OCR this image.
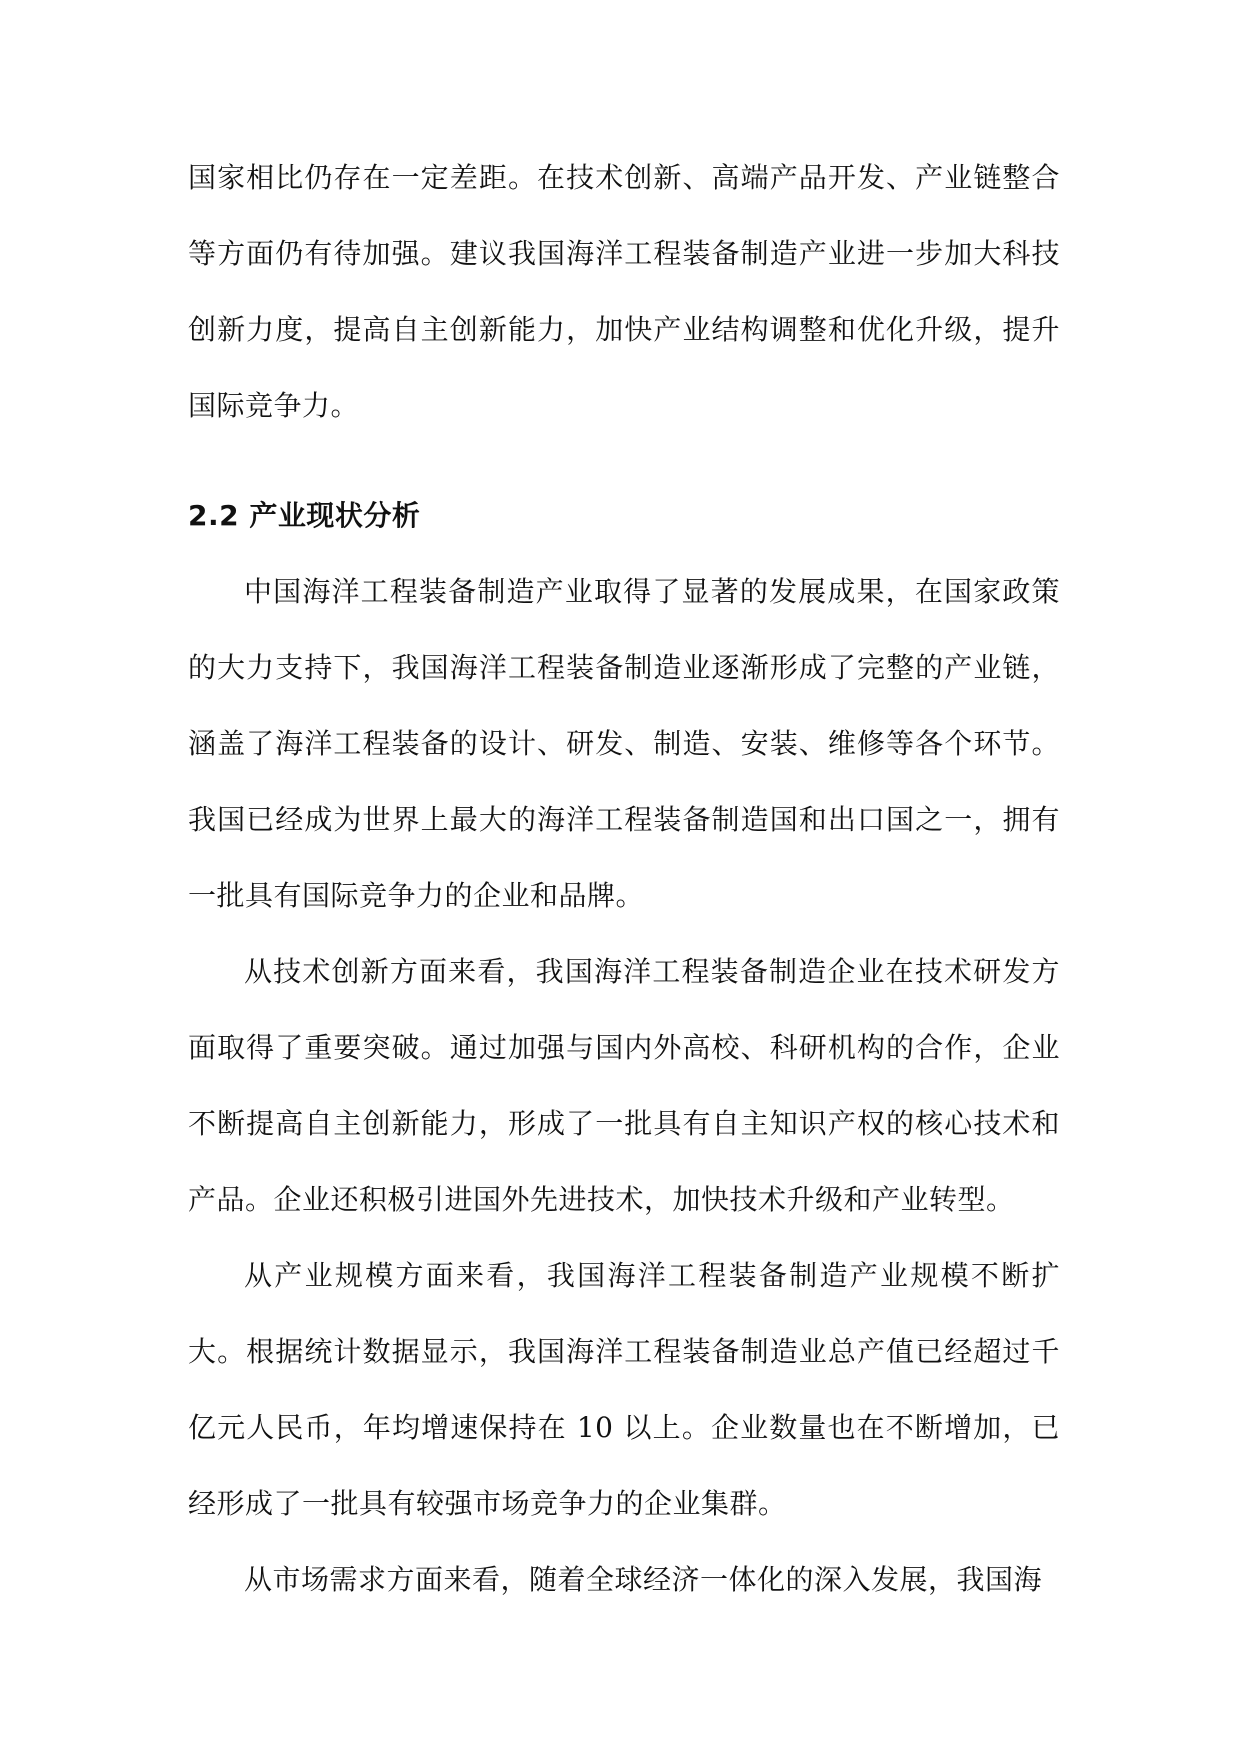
国家相比仍存在一定差距。在技术创新、高端产品开发、产业链整合等方面仍有待加强。建议我国海洋工程装备制造产业进一步加大科技创新力度，提高自主创新能力，加快产业结构调整和优化升级，提升国际竞争力。

2.2 产业现状分析

中国海洋工程装备制造产业取得了显著的发展成果，在国家政策的大力支持下，我国海洋工程装备制造业逐渐形成了完整的产业链，涵盖了海洋工程装备的设计、研发、制造、安装、维修等各个环节。我国已经成为世界上最大的海洋工程装备制造国和出口国之一，拥有一批具有国际竞争力的企业和品牌。

从技术创新方面来看，我国海洋工程装备制造企业在技术研发方面取得了重要突破。通过加强与国内外高校、科研机构的合作，企业不断提高自主创新能力，形成了一批具有自主知识产权的核心技术和产品。企业还积极引进国外先进技术，加快技术升级和产业转型。

从产业规模方面来看，我国海洋工程装备制造产业规模不断扩大。根据统计数据显示，我国海洋工程装备制造业总产值已经超过千亿元人民币，年均增速保持在 10 以上。企业数量也在不断增加，已经形成了一批具有较强市场竞争力的企业集群。

从市场需求方面来看，随着全球经济一体化的深入发展，我国海
